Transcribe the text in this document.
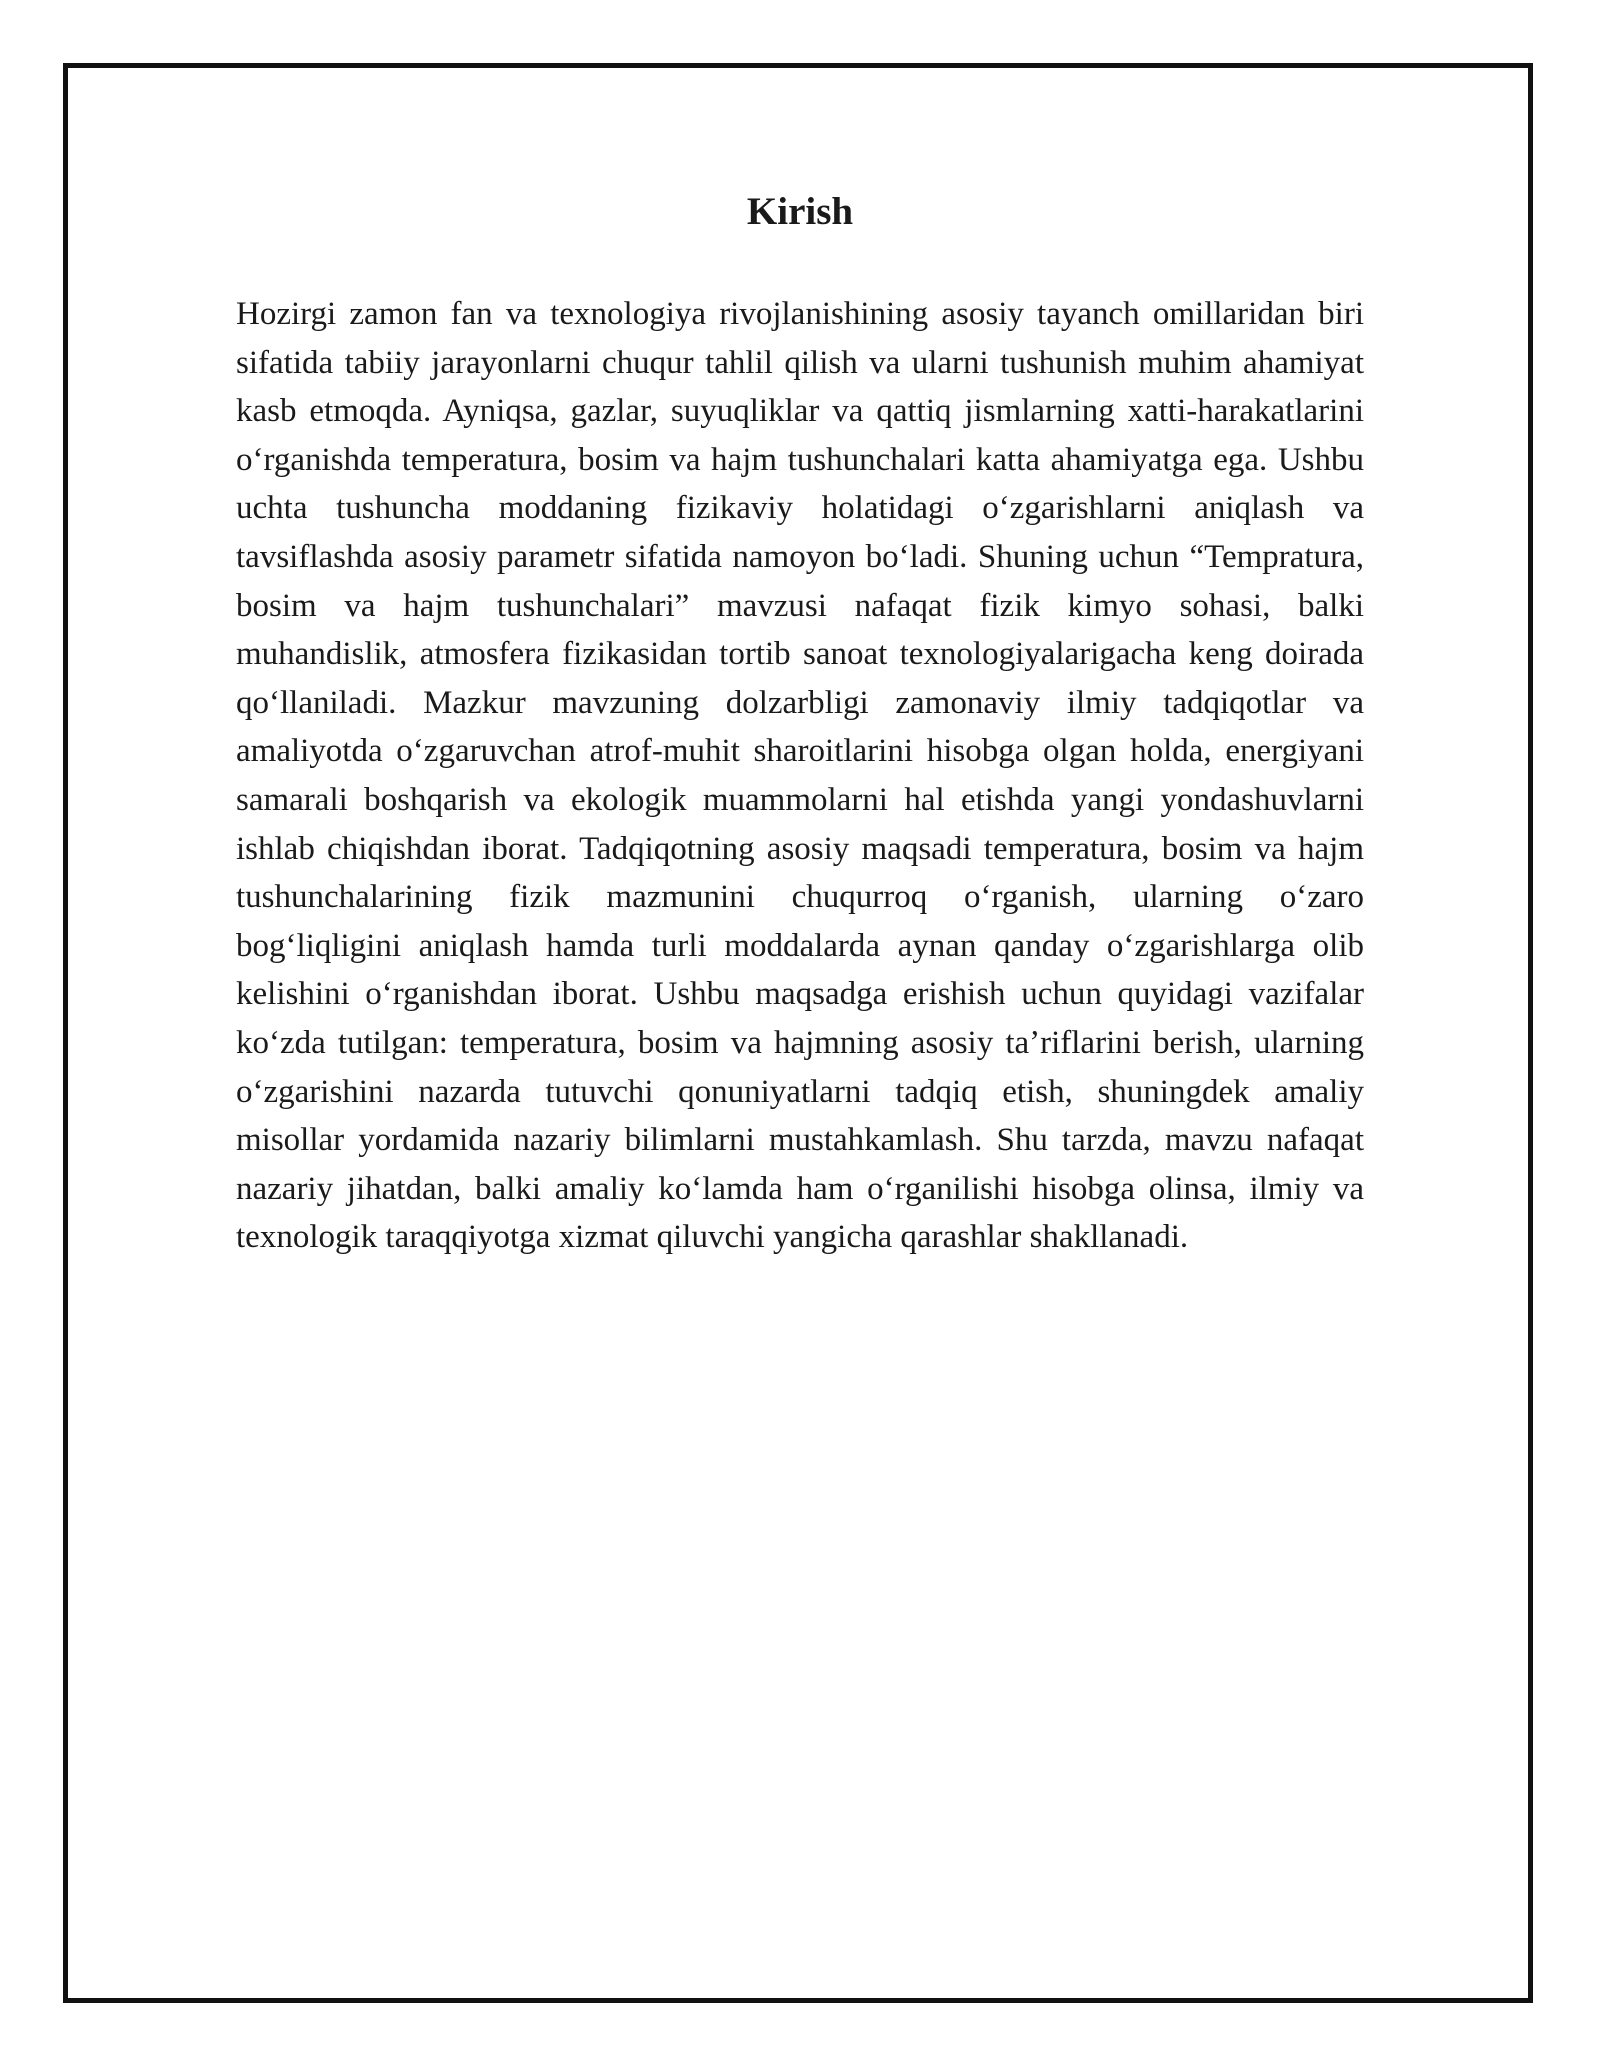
Kirish

Hozirgi zamon fan va texnologiya rivojlanishining asosiy tayanch omillaridan biri sifatida tabiiy jarayonlarni chuqur tahlil qilish va ularni tushunish muhim ahamiyat kasb etmoqda. Ayniqsa, gazlar, suyuqliklar va qattiq jismlarning xatti-harakatlarini oʻrganishda temperatura, bosim va hajm tushunchalari katta ahamiyatga ega. Ushbu uchta tushuncha moddaning fizikaviy holatidagi oʻzgarishlarni aniqlash va tavsiflashda asosiy parametr sifatida namoyon boʻladi. Shuning uchun “Tempratura, bosim va hajm tushunchalari” mavzusi nafaqat fizik kimyo sohasi, balki muhandislik, atmosfera fizikasidan tortib sanoat texnologiyalarigacha keng doirada qoʻllaniladi. Mazkur mavzuning dolzarbligi zamonaviy ilmiy tadqiqotlar va amaliyotda oʻzgaruvchan atrof-muhit sharoitlarini hisobga olgan holda, energiyani samarali boshqarish va ekologik muammolarni hal etishda yangi yondashuvlarni ishlab chiqishdan iborat. Tadqiqotning asosiy maqsadi temperatura, bosim va hajm tushunchalarining fizik mazmunini chuqurroq oʻrganish, ularning oʻzaro bogʻliqligini aniqlash hamda turli moddalarda aynan qanday oʻzgarishlarga olib kelishini oʻrganishdan iborat. Ushbu maqsadga erishish uchun quyidagi vazifalar koʻzda tutilgan: temperatura, bosim va hajmning asosiy taʼriflarini berish, ularning oʻzgarishini nazarda tutuvchi qonuniyatlarni tadqiq etish, shuningdek amaliy misollar yordamida nazariy bilimlarni mustahkamlash. Shu tarzda, mavzu nafaqat nazariy jihatdan, balki amaliy koʻlamda ham oʻrganilishi hisobga olinsa, ilmiy va texnologik taraqqiyotga xizmat qiluvchi yangicha qarashlar shakllanadi.
